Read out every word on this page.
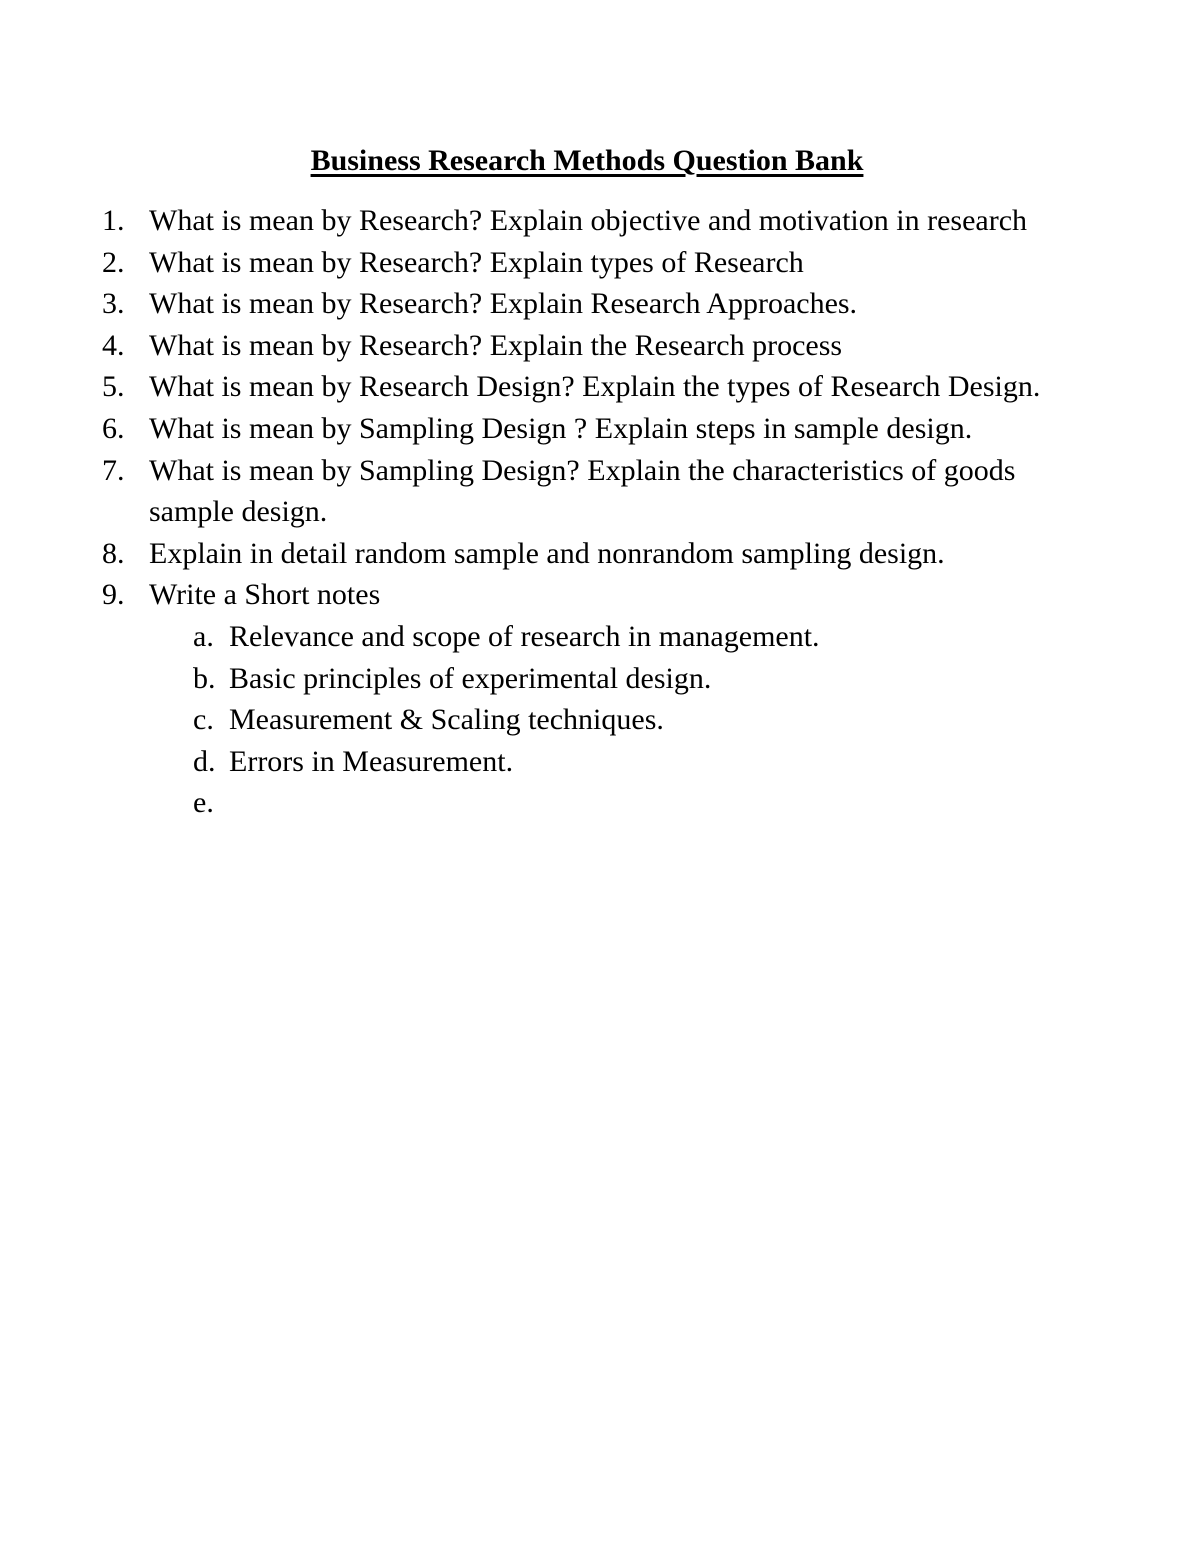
Business Research Methods Question Bank
1. What is mean by Research? Explain objective and motivation in research
2. What is mean by Research? Explain types of Research
3. What is mean by Research? Explain Research Approaches.
4. What is mean by Research? Explain the Research process
5. What is mean by Research Design? Explain the types of Research Design.
6. What is mean by Sampling Design ? Explain steps in sample design.
7. What is mean by Sampling Design? Explain the characteristics of goods sample design.
8. Explain in detail random sample and nonrandom sampling design.
9. Write a Short notes
a. Relevance and scope of research in management.
b. Basic principles of experimental design.
c. Measurement & Scaling techniques.
d. Errors in Measurement.
e.
